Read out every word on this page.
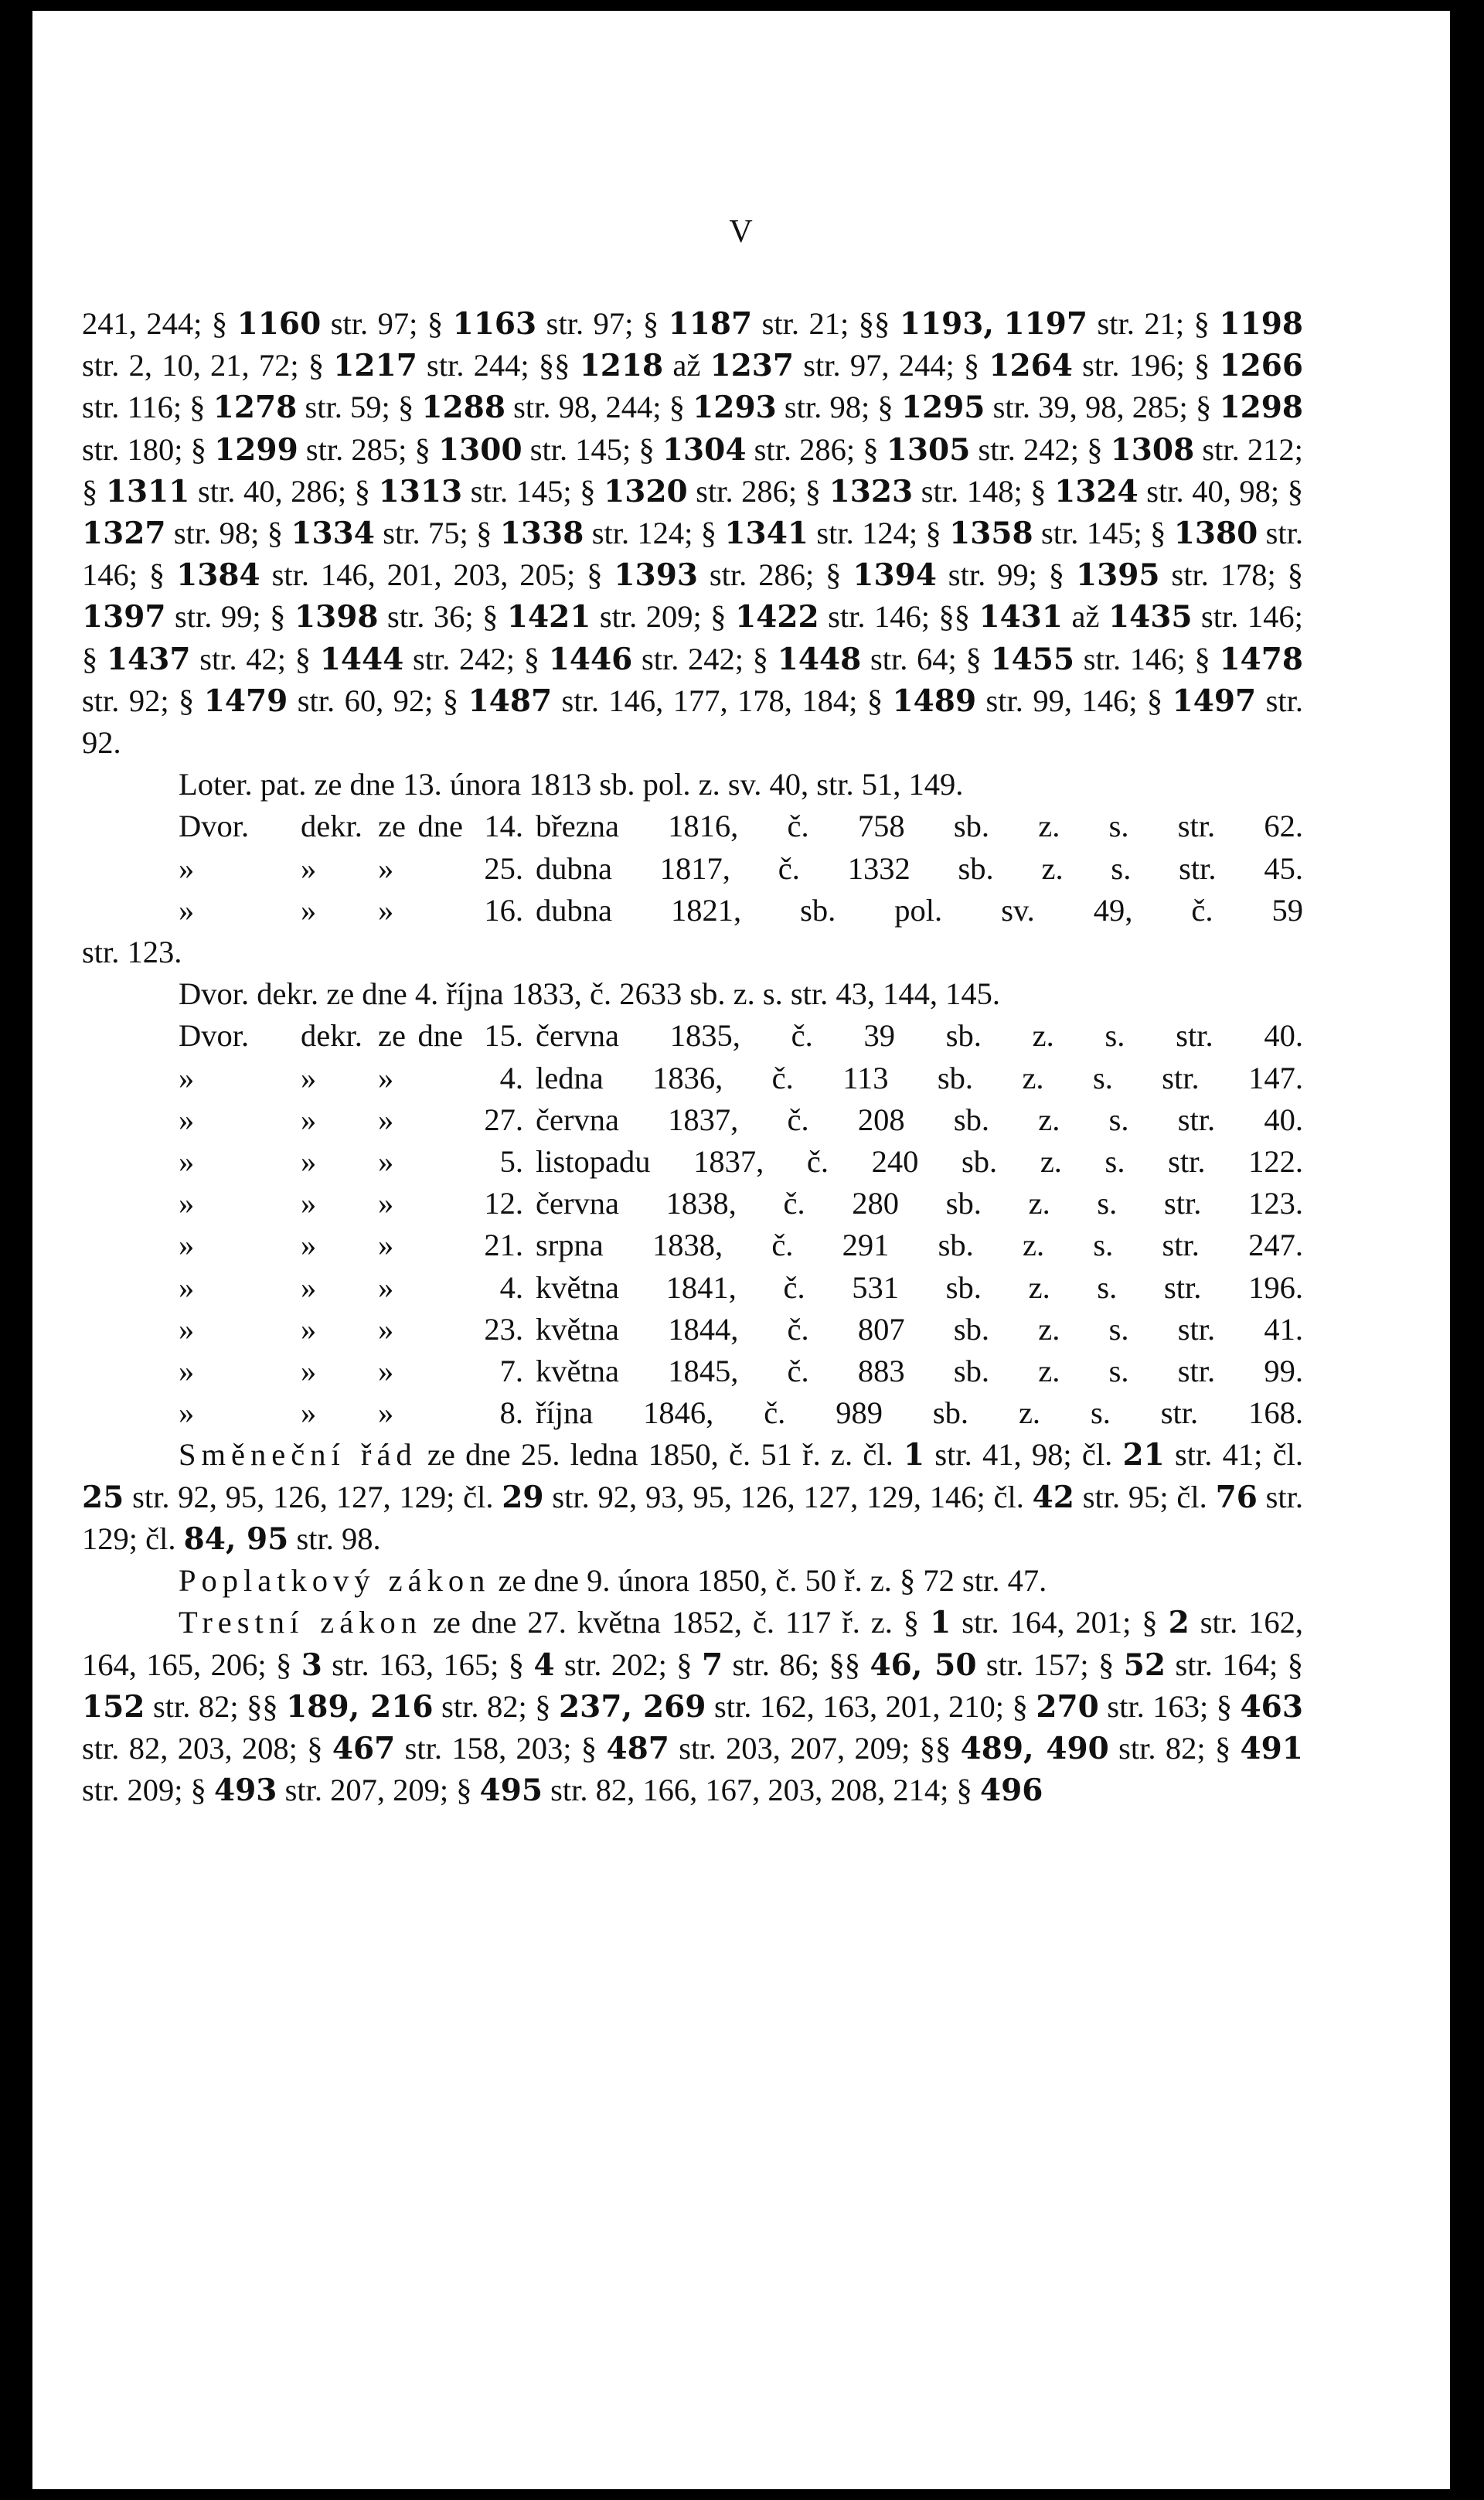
V

241, 244; § 1160 str. 97; § 1163 str. 97; § 1187 str. 21; §§ 1193, 1197 str. 21; § 1198 str. 2, 10, 21, 72; § 1217 str. 244; §§ 1218 až 1237 str. 97, 244; § 1264 str. 196; § 1266 str. 116; § 1278 str. 59; § 1288 str. 98, 244; § 1293 str. 98; § 1295 str. 39, 98, 285; § 1298 str. 180; § 1299 str. 285; § 1300 str. 145; § 1304 str. 286; § 1305 str. 242; § 1308 str. 212; § 1311 str. 40, 286; § 1313 str. 145; § 1320 str. 286; § 1323 str. 148; § 1324 str. 40, 98; § 1327 str. 98; § 1334 str. 75; § 1338 str. 124; § 1341 str. 124; § 1358 str. 145; § 1380 str. 146; § 1384 str. 146, 201, 203, 205; § 1393 str. 286; § 1394 str. 99; § 1395 str. 178; § 1397 str. 99; § 1398 str. 36; § 1421 str. 209; § 1422 str. 146; §§ 1431 až 1435 str. 146; § 1437 str. 42; § 1444 str. 242; § 1446 str. 242; § 1448 str. 64; § 1455 str. 146; § 1478 str. 92; § 1479 str. 60, 92; § 1487 str. 146, 177, 178, 184; § 1489 str. 99, 146; § 1497 str. 92.

Loter. pat. ze dne 13. února 1813 sb. pol. z. sv. 40, str. 51, 149.

Dvor.	dekr. ze dne 14. března 1816, č. 758 sb. z. s. str. 62.
»	» »	25. dubna 1817, č. 1332 sb. z. s. str. 45.
»	» »	16. dubna 1821, sb. pol. sv. 49, č. 59
str. 123.

Dvor. dekr. ze dne 4. října 1833, č. 2633 sb. z. s. str. 43, 144, 145.

Dvor.	dekr. ze dne 15. června 1835, č. 39 sb. z. s. str. 40.
»	» »	4. ledna 1836, č. 113 sb. z. s. str. 147.
»	» »	27. června 1837, č. 208 sb. z. s. str. 40.
»	» »	5. listopadu 1837, č. 240 sb. z. s. str. 122.
»	» »	12. června 1838, č. 280 sb. z. s. str. 123.
»	» »	21. srpna 1838, č. 291 sb. z. s. str. 247.
»	» »	4. května 1841, č. 531 sb. z. s. str. 196.
»	» »	23. května 1844, č. 807 sb. z. s. str. 41.
»	» »	7. května 1845, č. 883 sb. z. s. str. 99.
»	» »	8. října 1846, č. 989 sb. z. s. str. 168.

Směneční řád ze dne 25. ledna 1850, č. 51 ř. z. čl. 1 str. 41, 98; čl. 21 str. 41; čl. 25 str. 92, 95, 126, 127, 129; čl. 29 str. 92, 93, 95, 126, 127, 129, 146; čl. 42 str. 95; čl. 76 str. 129; čl. 84, 95 str. 98.

Poplatkový zákon ze dne 9. února 1850, č. 50 ř. z. § 72 str. 47.

Trestní zákon ze dne 27. května 1852, č. 117 ř. z. § 1 str. 164, 201; § 2 str. 162, 164, 165, 206; § 3 str. 163, 165; § 4 str. 202; § 7 str. 86; §§ 46, 50 str. 157; § 52 str. 164; § 152 str. 82; §§ 189, 216 str. 82; § 237, 269 str. 162, 163, 201, 210; § 270 str. 163; § 463 str. 82, 203, 208; § 467 str. 158, 203; § 487 str. 203, 207, 209; §§ 489, 490 str. 82; § 491 str. 209; § 493 str. 207, 209; § 495 str. 82, 166, 167, 203, 208, 214; § 496
